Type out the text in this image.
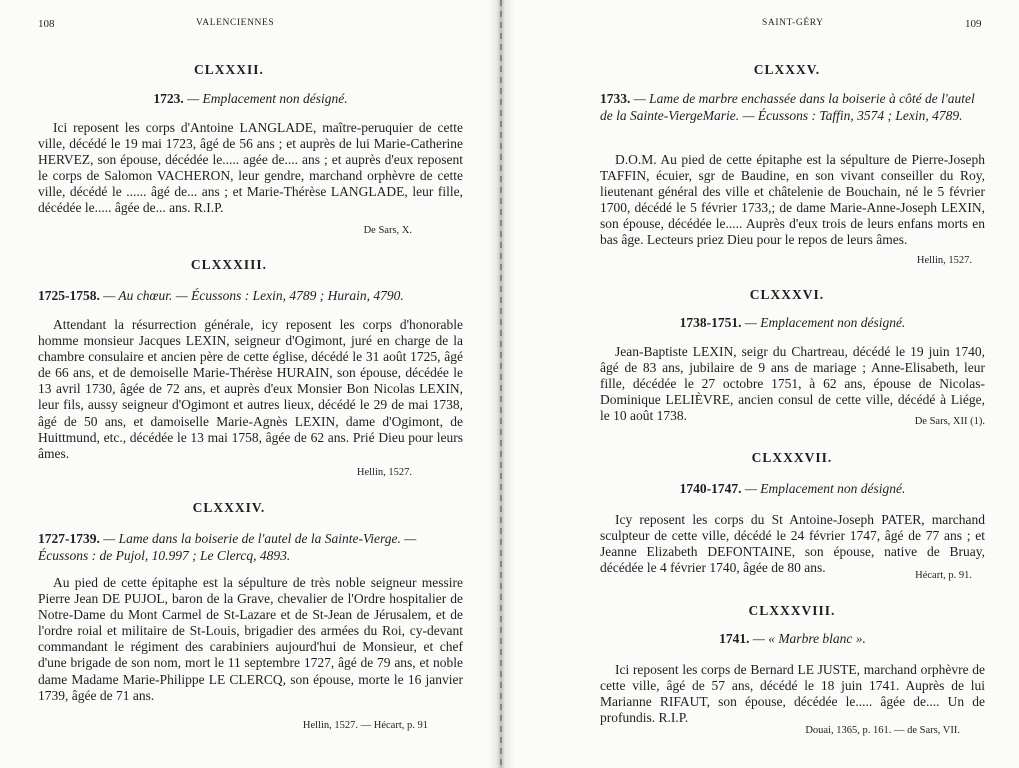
108	VALENCIENNES
CLXXXII.
1723. — Emplacement non désigné.
Ici reposent les corps d'Antoine LANGLADE, maître-peruquier de cette ville, décédé le 19 mai 1723, âgé de 56 ans ; et auprès de lui Marie-Catherine HERVEZ, son épouse, décédée le..... agée de.... ans ; et auprès d'eux reposent le corps de Salomon VACHERON, leur gendre, marchand orphèvre de cette ville, décédé le ...... âgé de... ans ; et Marie-Thérèse LANGLADE, leur fille, décédée le..... âgée de... ans. R.I.P.
De Sars, X.
CLXXXIII.
1725-1758. — Au chœur. — Écussons : Lexin, 4789 ; Hurain, 4790.
Attendant la résurrection générale, icy reposent les corps d'honorable homme monsieur Jacques LEXIN, seigneur d'Ogimont, juré en charge de la chambre consulaire et ancien père de cette église, décédé le 31 août 1725, âgé de 66 ans, et de demoiselle Marie-Thérèse HURAIN, son épouse, décédée le 13 avril 1730, âgée de 72 ans, et auprès d'eux Monsier Bon Nicolas LEXIN, leur fils, aussy seigneur d'Ogimont et autres lieux, décédé le 29 de mai 1738, âgé de 50 ans, et damoiselle Marie-Agnès LEXIN, dame d'Ogimont, de Huittmund, etc., décédée le 13 mai 1758, âgée de 62 ans. Prié Dieu pour leurs âmes.
Hellin, 1527.
CLXXXIV.
1727-1739. — Lame dans la boiserie de l'autel de la Sainte-Vierge. — Écussons : de Pujol, 10.997 ; Le Clercq, 4893.
Au pied de cette épitaphe est la sépulture de très noble seigneur messire Pierre Jean DE PUJOL, baron de la Grave, chevalier de l'Ordre hospitalier de Notre-Dame du Mont Carmel de St-Lazare et de St-Jean de Jérusalem, et de l'ordre roial et militaire de St-Louis, brigadier des armées du Roi, cy-devant commandant le régiment des carabiniers aujourd'hui de Monsieur, et chef d'une brigade de son nom, mort le 11 septembre 1727, âgé de 79 ans, et noble dame Madame Marie-Philippe LE CLERCQ, son épouse, morte le 16 janvier 1739, âgée de 71 ans.
Hellin, 1527. — Hécart, p. 91
SAINT-GÉRY	109
CLXXXV.
1733. — Lame de marbre enchassée dans la boiserie à côté de l'autel de la Sainte-ViergeMarie. — Écussons : Taffin, 3574 ; Lexin, 4789.
D.O.M. Au pied de cette épitaphe est la sépulture de Pierre-Joseph TAFFIN, écuier, sgr de Baudine, en son vivant conseiller du Roy, lieutenant général des ville et châtelenie de Bouchain, né le 5 février 1700, décédé le 5 février 1733,; de dame Marie-Anne-Joseph LEXIN, son épouse, décédée le..... Auprès d'eux trois de leurs enfans morts en bas âge. Lecteurs priez Dieu pour le repos de leurs âmes.
Hellin, 1527.
CLXXXVI.
1738-1751. — Emplacement non désigné.
Jean-Baptiste LEXIN, seigr du Chartreau, décédé le 19 juin 1740, âgé de 83 ans, jubilaire de 9 ans de mariage ; Anne-Elisabeth, leur fille, décédée le 27 octobre 1751, à 62 ans, épouse de Nicolas-Dominique LELIÈVRE, ancien consul de cette ville, décédé à Liége, le 10 août 1738.	De Sars, XII (1).
CLXXXVII.
1740-1747. — Emplacement non désigné.
Icy reposent les corps du St Antoine-Joseph PATER, marchand sculpteur de cette ville, décédé le 24 février 1747, âgé de 77 ans ; et Jeanne Elizabeth DEFONTAINE, son épouse, native de Bruay, décédée le 4 février 1740, âgée de 80 ans.
Hécart, p. 91.
CLXXXVIII.
1741. — « Marbre blanc ».
Ici reposent les corps de Bernard LE JUSTE, marchand orphèvre de cette ville, âgé de 57 ans, décédé le 18 juin 1741. Auprès de lui Marianne RIFAUT, son épouse, décédée le..... âgée de.... Un de profundis. R.I.P.
Douai, 1365, p. 161. — de Sars, VII.
